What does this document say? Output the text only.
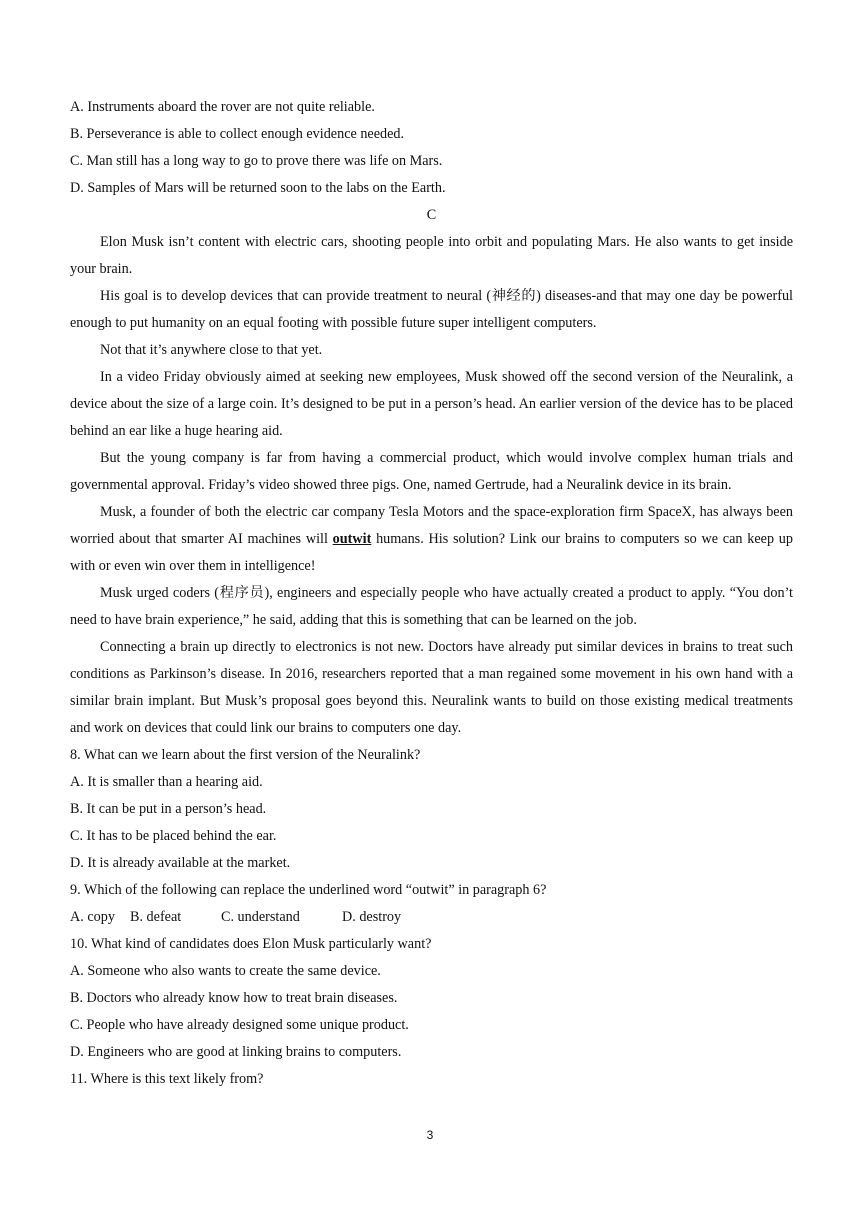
A. Instruments aboard the rover are not quite reliable.
B. Perseverance is able to collect enough evidence needed.
C. Man still has a long way to go to prove there was life on Mars.
D. Samples of Mars will be returned soon to the labs on the Earth.
C

Elon Musk isn’t content with electric cars, shooting people into orbit and populating Mars. He also wants to get inside your brain.

His goal is to develop devices that can provide treatment to neural (神经的) diseases-and that may one day be powerful enough to put humanity on an equal footing with possible future super intelligent computers.

Not that it’s anywhere close to that yet.

In a video Friday obviously aimed at seeking new employees, Musk showed off the second version of the Neuralink, a device about the size of a large coin. It’s designed to be put in a person’s head. An earlier version of the device has to be placed behind an ear like a huge hearing aid.

But the young company is far from having a commercial product, which would involve complex human trials and governmental approval. Friday’s video showed three pigs. One, named Gertrude, had a Neuralink device in its brain.

Musk, a founder of both the electric car company Tesla Motors and the space-exploration firm SpaceX, has always been worried about that smarter AI machines will outwit humans. His solution? Link our brains to computers so we can keep up with or even win over them in intelligence!

Musk urged coders (程序员), engineers and especially people who have actually created a product to apply. “You don’t need to have brain experience,” he said, adding that this is something that can be learned on the job.

Connecting a brain up directly to electronics is not new. Doctors have already put similar devices in brains to treat such conditions as Parkinson’s disease. In 2016, researchers reported that a man regained some movement in his own hand with a similar brain implant. But Musk’s proposal goes beyond this. Neuralink wants to build on those existing medical treatments and work on devices that could link our brains to computers one day.

8. What can we learn about the first version of the Neuralink?
A. It is smaller than a hearing aid.
B. It can be put in a person’s head.
C. It has to be placed behind the ear.
D. It is already available at the market.
9. Which of the following can replace the underlined word “outwit” in paragraph 6?
A. copy B. defeat	C. understand	D. destroy
10. What kind of candidates does Elon Musk particularly want?
A. Someone who also wants to create the same device.
B. Doctors who already know how to treat brain diseases.
C. People who have already designed some unique product.
D. Engineers who are good at linking brains to computers.
11. Where is this text likely from?
3
